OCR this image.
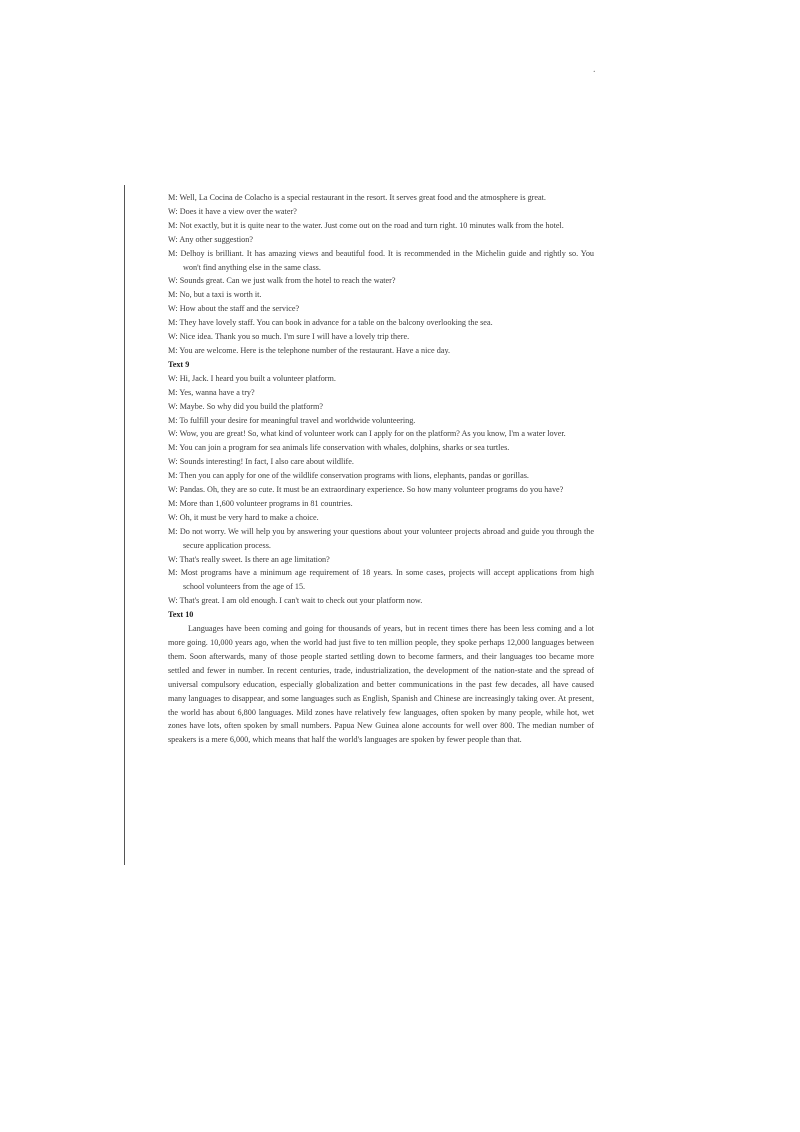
.
M: Well, La Cocina de Colacho is a special restaurant in the resort. It serves great food and the atmosphere is great.
W: Does it have a view over the water?
M: Not exactly, but it is quite near to the water. Just come out on the road and turn right. 10 minutes walk from the hotel.
W: Any other suggestion?
M: Delhoy is brilliant. It has amazing views and beautiful food. It is recommended in the Michelin guide and rightly so. You won't find anything else in the same class.
W: Sounds great. Can we just walk from the hotel to reach the water?
M: No, but a taxi is worth it.
W: How about the staff and the service?
M: They have lovely staff. You can book in advance for a table on the balcony overlooking the sea.
W: Nice idea. Thank you so much. I'm sure I will have a lovely trip there.
M: You are welcome. Here is the telephone number of the restaurant. Have a nice day.
Text 9
W: Hi, Jack. I heard you built a volunteer platform.
M: Yes, wanna have a try?
W: Maybe. So why did you build the platform?
M: To fulfill your desire for meaningful travel and worldwide volunteering.
W: Wow, you are great! So, what kind of volunteer work can I apply for on the platform? As you know, I'm a water lover.
M: You can join a program for sea animals life conservation with whales, dolphins, sharks or sea turtles.
W: Sounds interesting! In fact, I also care about wildlife.
M: Then you can apply for one of the wildlife conservation programs with lions, elephants, pandas or gorillas.
W: Pandas. Oh, they are so cute. It must be an extraordinary experience. So how many volunteer programs do you have?
M: More than 1,600 volunteer programs in 81 countries.
W: Oh, it must be very hard to make a choice.
M: Do not worry. We will help you by answering your questions about your volunteer projects abroad and guide you through the secure application process.
W: That's really sweet. Is there an age limitation?
M: Most programs have a minimum age requirement of 18 years. In some cases, projects will accept applications from high school volunteers from the age of 15.
W: That's great. I am old enough. I can't wait to check out your platform now.
Text 10
Languages have been coming and going for thousands of years, but in recent times there has been less coming and a lot more going. 10,000 years ago, when the world had just five to ten million people, they spoke perhaps 12,000 languages between them. Soon afterwards, many of those people started settling down to become farmers, and their languages too became more settled and fewer in number. In recent centuries, trade, industrialization, the development of the nation-state and the spread of universal compulsory education, especially globalization and better communications in the past few decades, all have caused many languages to disappear, and some languages such as English, Spanish and Chinese are increasingly taking over. At present, the world has about 6,800 languages. Mild zones have relatively few languages, often spoken by many people, while hot, wet zones have lots, often spoken by small numbers. Papua New Guinea alone accounts for well over 800. The median number of speakers is a mere 6,000, which means that half the world's languages are spoken by fewer people than that.
